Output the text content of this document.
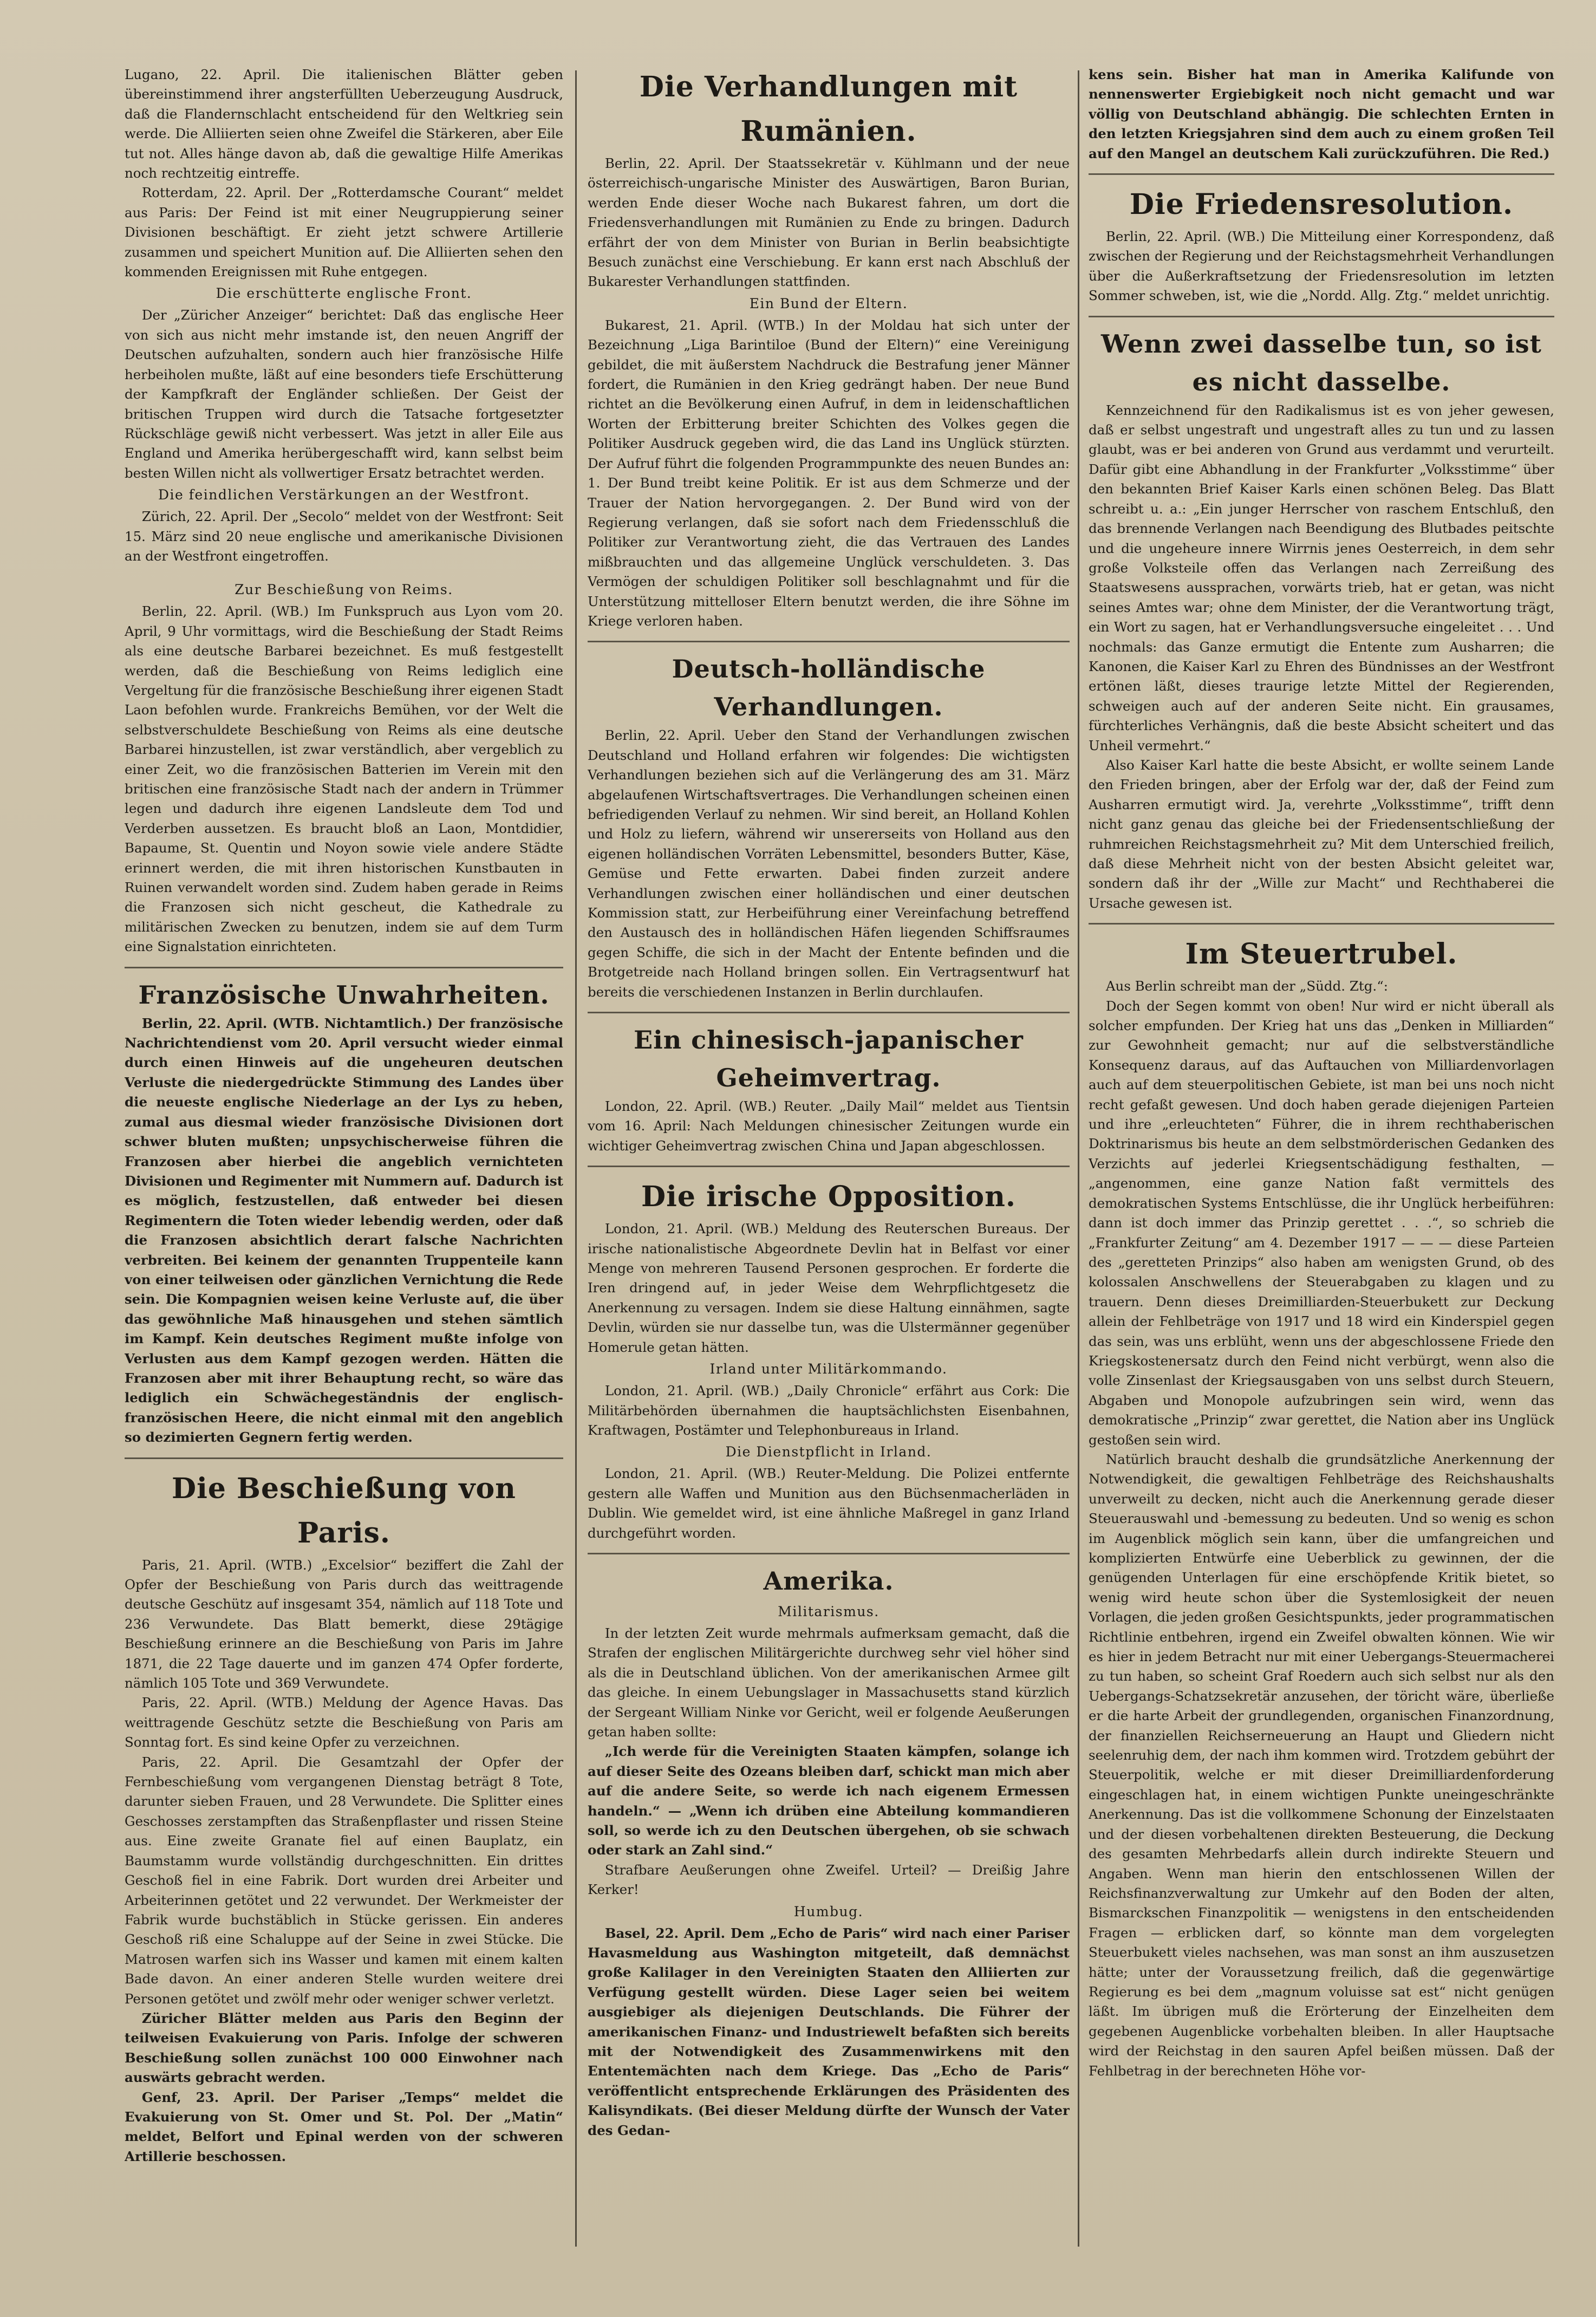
Lugano, 22. April. Die italienischen Blätter geben übereinstimmend ihrer angsterfüllten Ueberzeugung Ausdruck, daß die Flandernschlacht entscheidend für den Weltkrieg sein werde. Die Alliierten seien ohne Zweifel die Stärkeren, aber Eile tut not. Alles hänge davon ab, daß die gewaltige Hilfe Amerikas noch rechtzeitig eintreffe.

Rotterdam, 22. April. Der „Rotterdamsche Courant“ meldet aus Paris: Der Feind ist mit einer Neugruppierung seiner Divisionen beschäftigt. Er zieht jetzt schwere Artillerie zusammen und speichert Munition auf. Die Alliierten sehen den kommenden Ereignissen mit Ruhe entgegen.

Die erschütterte englische Front.

Der „Züricher Anzeiger“ berichtet: Daß das englische Heer von sich aus nicht mehr imstande ist, den neuen Angriff der Deutschen aufzuhalten, sondern auch hier französische Hilfe herbeiholen mußte, läßt auf eine besonders tiefe Erschütterung der Kampfkraft der Engländer schließen. Der Geist der britischen Truppen wird durch die Tatsache fortgesetzter Rückschläge gewiß nicht verbessert. Was jetzt in aller Eile aus England und Amerika herübergeschafft wird, kann selbst beim besten Willen nicht als vollwertiger Ersatz betrachtet werden.

Die feindlichen Verstärkungen an der Westfront.

Zürich, 22. April. Der „Secolo“ meldet von der Westfront: Seit 15. März sind 20 neue englische und amerikanische Divisionen an der Westfront eingetroffen.

Zur Beschießung von Reims.

Berlin, 22. April. (WB.) Im Funkspruch aus Lyon vom 20. April, 9 Uhr vormittags, wird die Beschießung der Stadt Reims als eine deutsche Barbarei bezeichnet. Es muß festgestellt werden, daß die Beschießung von Reims lediglich eine Vergeltung für die französische Beschießung ihrer eigenen Stadt Laon befohlen wurde. Frankreichs Bemühen, vor der Welt die selbstverschuldete Beschießung von Reims als eine deutsche Barbarei hinzustellen, ist zwar verständlich, aber vergeblich zu einer Zeit, wo die französischen Batterien im Verein mit den britischen eine französische Stadt nach der andern in Trümmer legen und dadurch ihre eigenen Landsleute dem Tod und Verderben aussetzen. Es braucht bloß an Laon, Montdidier, Bapaume, St. Quentin und Noyon sowie viele andere Städte erinnert werden, die mit ihren historischen Kunstbauten in Ruinen verwandelt worden sind. Zudem haben gerade in Reims die Franzosen sich nicht gescheut, die Kathedrale zu militärischen Zwecken zu benutzen, indem sie auf dem Turm eine Signalstation einrichteten.

Französische Unwahrheiten.

Berlin, 22. April. (WTB. Nichtamtlich.) Der französische Nachrichtendienst vom 20. April versucht wieder einmal durch einen Hinweis auf die ungeheuren deutschen Verluste die niedergedrückte Stimmung des Landes über die neueste englische Niederlage an der Lys zu heben, zumal aus diesmal wieder französische Divisionen dort schwer bluten mußten; unpsychischerweise führen die Franzosen aber hierbei die angeblich vernichteten Divisionen und Regimenter mit Nummern auf. Dadurch ist es möglich, festzustellen, daß entweder bei diesen Regimentern die Toten wieder lebendig werden, oder daß die Franzosen absichtlich derart falsche Nachrichten verbreiten. Bei keinem der genannten Truppenteile kann von einer teilweisen oder gänzlichen Vernichtung die Rede sein. Die Kompagnien weisen keine Verluste auf, die über das gewöhnliche Maß hinausgehen und stehen sämtlich im Kampf. Kein deutsches Regiment mußte infolge von Verlusten aus dem Kampf gezogen werden. Hätten die Franzosen aber mit ihrer Behauptung recht, so wäre das lediglich ein Schwächegeständnis der englisch-französischen Heere, die nicht einmal mit den angeblich so dezimierten Gegnern fertig werden.

Die Beschießung von Paris.

Paris, 21. April. (WTB.) „Excelsior“ beziffert die Zahl der Opfer der Beschießung von Paris durch das weittragende deutsche Geschütz auf insgesamt 354, nämlich auf 118 Tote und 236 Verwundete. Das Blatt bemerkt, diese 29tägige Beschießung erinnere an die Beschießung von Paris im Jahre 1871, die 22 Tage dauerte und im ganzen 474 Opfer forderte, nämlich 105 Tote und 369 Verwundete.

Paris, 22. April. (WTB.) Meldung der Agence Havas. Das weittragende Geschütz setzte die Beschießung von Paris am Sonntag fort. Es sind keine Opfer zu verzeichnen.

Paris, 22. April. Die Gesamtzahl der Opfer der Fernbeschießung vom vergangenen Dienstag beträgt 8 Tote, darunter sieben Frauen, und 28 Verwundete. Die Splitter eines Geschosses zerstampften das Straßenpflaster und rissen Steine aus. Eine zweite Granate fiel auf einen Bauplatz, ein Baumstamm wurde vollständig durchgeschnitten. Ein drittes Geschoß fiel in eine Fabrik. Dort wurden drei Arbeiter und Arbeiterinnen getötet und 22 verwundet. Der Werkmeister der Fabrik wurde buchstäblich in Stücke gerissen. Ein anderes Geschoß riß eine Schaluppe auf der Seine in zwei Stücke. Die Matrosen warfen sich ins Wasser und kamen mit einem kalten Bade davon. An einer anderen Stelle wurden weitere drei Personen getötet und zwölf mehr oder weniger schwer verletzt.

Züricher Blätter melden aus Paris den Beginn der teilweisen Evakuierung von Paris. Infolge der schweren Beschießung sollen zunächst 100 000 Einwohner nach auswärts gebracht werden.

Genf, 23. April. Der Pariser „Temps“ meldet die Evakuierung von St. Omer und St. Pol. Der „Matin“ meldet, Belfort und Epinal werden von der schweren Artillerie beschossen.

Die Verhandlungen mit Rumänien.

Berlin, 22. April. Der Staatssekretär v. Kühlmann und der neue österreichisch-ungarische Minister des Auswärtigen, Baron Burian, werden Ende dieser Woche nach Bukarest fahren, um dort die Friedensverhandlungen mit Rumänien zu Ende zu bringen. Dadurch erfährt der von dem Minister von Burian in Berlin beabsichtigte Besuch zunächst eine Verschiebung. Er kann erst nach Abschluß der Bukarester Verhandlungen stattfinden.

Ein Bund der Eltern.

Bukarest, 21. April. (WTB.) In der Moldau hat sich unter der Bezeichnung „Liga Barintiloe (Bund der Eltern)“ eine Vereinigung gebildet, die mit äußerstem Nachdruck die Bestrafung jener Männer fordert, die Rumänien in den Krieg gedrängt haben. Der neue Bund richtet an die Bevölkerung einen Aufruf, in dem in leidenschaftlichen Worten der Erbitterung breiter Schichten des Volkes gegen die Politiker Ausdruck gegeben wird, die das Land ins Unglück stürzten. Der Aufruf führt die folgenden Programmpunkte des neuen Bundes an: 1. Der Bund treibt keine Politik. Er ist aus dem Schmerze und der Trauer der Nation hervorgegangen. 2. Der Bund wird von der Regierung verlangen, daß sie sofort nach dem Friedensschluß die Politiker zur Verantwortung zieht, die das Vertrauen des Landes mißbrauchten und das allgemeine Unglück verschuldeten. 3. Das Vermögen der schuldigen Politiker soll beschlagnahmt und für die Unterstützung mittelloser Eltern benutzt werden, die ihre Söhne im Kriege verloren haben.

Deutsch-holländische Verhandlungen.

Berlin, 22. April. Ueber den Stand der Verhandlungen zwischen Deutschland und Holland erfahren wir folgendes: Die wichtigsten Verhandlungen beziehen sich auf die Verlängerung des am 31. März abgelaufenen Wirtschaftsvertrages. Die Verhandlungen scheinen einen befriedigenden Verlauf zu nehmen. Wir sind bereit, an Holland Kohlen und Holz zu liefern, während wir unsererseits von Holland aus den eigenen holländischen Vorräten Lebensmittel, besonders Butter, Käse, Gemüse und Fette erwarten. Dabei finden zurzeit andere Verhandlungen zwischen einer holländischen und einer deutschen Kommission statt, zur Herbeiführung einer Vereinfachung betreffend den Austausch des in holländischen Häfen liegenden Schiffsraumes gegen Schiffe, die sich in der Macht der Entente befinden und die Brotgetreide nach Holland bringen sollen. Ein Vertragsentwurf hat bereits die verschiedenen Instanzen in Berlin durchlaufen.

Ein chinesisch-japanischer Geheimvertrag.

London, 22. April. (WB.) Reuter. „Daily Mail“ meldet aus Tientsin vom 16. April: Nach Meldungen chinesischer Zeitungen wurde ein wichtiger Geheimvertrag zwischen China und Japan abgeschlossen.

Die irische Opposition.

London, 21. April. (WB.) Meldung des Reuterschen Bureaus. Der irische nationalistische Abgeordnete Devlin hat in Belfast vor einer Menge von mehreren Tausend Personen gesprochen. Er forderte die Iren dringend auf, in jeder Weise dem Wehrpflichtgesetz die Anerkennung zu versagen. Indem sie diese Haltung einnähmen, sagte Devlin, würden sie nur dasselbe tun, was die Ulstermänner gegenüber Homerule getan hätten.

Irland unter Militärkommando.

London, 21. April. (WB.) „Daily Chronicle“ erfährt aus Cork: Die Militärbehörden übernahmen die hauptsächlichsten Eisenbahnen, Kraftwagen, Postämter und Telephonbureaus in Irland.

Die Dienstpflicht in Irland.

London, 21. April. (WB.) Reuter-Meldung. Die Polizei entfernte gestern alle Waffen und Munition aus den Büchsenmacherläden in Dublin. Wie gemeldet wird, ist eine ähnliche Maßregel in ganz Irland durchgeführt worden.

Amerika.
Militarismus.

In der letzten Zeit wurde mehrmals aufmerksam gemacht, daß die Strafen der englischen Militärgerichte durchweg sehr viel höher sind als die in Deutschland üblichen. Von der amerikanischen Armee gilt das gleiche. In einem Uebungslager in Massachusetts stand kürzlich der Sergeant William Ninke vor Gericht, weil er folgende Aeußerungen getan haben sollte:

„Ich werde für die Vereinigten Staaten kämpfen, solange ich auf dieser Seite des Ozeans bleiben darf, schickt man mich aber auf die andere Seite, so werde ich nach eigenem Ermessen handeln.“ — „Wenn ich drüben eine Abteilung kommandieren soll, so werde ich zu den Deutschen übergehen, ob sie schwach oder stark an Zahl sind.“

Strafbare Aeußerungen ohne Zweifel. Urteil? — Dreißig Jahre Kerker!

Humbug.

Basel, 22. April. Dem „Echo de Paris“ wird nach einer Pariser Havasmeldung aus Washington mitgeteilt, daß demnächst große Kalilager in den Vereinigten Staaten den Alliierten zur Verfügung gestellt würden. Diese Lager seien bei weitem ausgiebiger als diejenigen Deutschlands. Die Führer der amerikanischen Finanz- und Industriewelt befaßten sich bereits mit der Notwendigkeit des Zusammenwirkens mit den Ententemächten nach dem Kriege. Das „Echo de Paris“ veröffentlicht entsprechende Erklärungen des Präsidenten des Kalisyndikats. (Bei dieser Meldung dürfte der Wunsch der Vater des Gedan-

kens sein. Bisher hat man in Amerika Kalifunde von nennenswerter Ergiebigkeit noch nicht gemacht und war völlig von Deutschland abhängig. Die schlechten Ernten in den letzten Kriegsjahren sind dem auch zu einem großen Teil auf den Mangel an deutschem Kali zurückzuführen. Die Red.)

Die Friedensresolution.

Berlin, 22. April. (WB.) Die Mitteilung einer Korrespondenz, daß zwischen der Regierung und der Reichstagsmehrheit Verhandlungen über die Außerkraftsetzung der Friedensresolution im letzten Sommer schweben, ist, wie die „Nordd. Allg. Ztg.“ meldet unrichtig.

Wenn zwei dasselbe tun, so ist es nicht dasselbe.

Kennzeichnend für den Radikalismus ist es von jeher gewesen, daß er selbst ungestraft und ungestraft alles zu tun und zu lassen glaubt, was er bei anderen von Grund aus verdammt und verurteilt. Dafür gibt eine Abhandlung in der Frankfurter „Volksstimme“ über den bekannten Brief Kaiser Karls einen schönen Beleg. Das Blatt schreibt u. a.: „Ein junger Herrscher von raschem Entschluß, den das brennende Verlangen nach Beendigung des Blutbades peitschte und die ungeheure innere Wirrnis jenes Oesterreich, in dem sehr große Volksteile offen das Verlangen nach Zerreißung des Staatswesens aussprachen, vorwärts trieb, hat er getan, was nicht seines Amtes war; ohne dem Minister, der die Verantwortung trägt, ein Wort zu sagen, hat er Verhandlungsversuche eingeleitet . . . Und nochmals: das Ganze ermutigt die Entente zum Ausharren; die Kanonen, die Kaiser Karl zu Ehren des Bündnisses an der Westfront ertönen läßt, dieses traurige letzte Mittel der Regierenden, schweigen auch auf der anderen Seite nicht. Ein grausames, fürchterliches Verhängnis, daß die beste Absicht scheitert und das Unheil vermehrt.“

Also Kaiser Karl hatte die beste Absicht, er wollte seinem Lande den Frieden bringen, aber der Erfolg war der, daß der Feind zum Ausharren ermutigt wird. Ja, verehrte „Volksstimme“, trifft denn nicht ganz genau das gleiche bei der Friedensentschließung der ruhmreichen Reichstagsmehrheit zu? Mit dem Unterschied freilich, daß diese Mehrheit nicht von der besten Absicht geleitet war, sondern daß ihr der „Wille zur Macht“ und Rechthaberei die Ursache gewesen ist.

Im Steuertrubel.

Aus Berlin schreibt man der „Südd. Ztg.“:

Doch der Segen kommt von oben! Nur wird er nicht überall als solcher empfunden. Der Krieg hat uns das „Denken in Milliarden“ zur Gewohnheit gemacht; nur auf die selbstverständliche Konsequenz daraus, auf das Auftauchen von Milliardenvorlagen auch auf dem steuerpolitischen Gebiete, ist man bei uns noch nicht recht gefaßt gewesen. Und doch haben gerade diejenigen Parteien und ihre „erleuchteten“ Führer, die in ihrem rechthaberischen Doktrinarismus bis heute an dem selbstmörderischen Gedanken des Verzichts auf jederlei Kriegsentschädigung festhalten, — „angenommen, eine ganze Nation faßt vermittels des demokratischen Systems Entschlüsse, die ihr Unglück herbeiführen: dann ist doch immer das Prinzip gerettet . . .“, so schrieb die „Frankfurter Zeitung“ am 4. Dezember 1917 — — — diese Parteien des „geretteten Prinzips“ also haben am wenigsten Grund, ob des kolossalen Anschwellens der Steuerabgaben zu klagen und zu trauern. Denn dieses Dreimilliarden-Steuerbukett zur Deckung allein der Fehlbeträge von 1917 und 18 wird ein Kinderspiel gegen das sein, was uns erblüht, wenn uns der abgeschlossene Friede den Kriegskostenersatz durch den Feind nicht verbürgt, wenn also die volle Zinsenlast der Kriegsausgaben von uns selbst durch Steuern, Abgaben und Monopole aufzubringen sein wird, wenn das demokratische „Prinzip“ zwar gerettet, die Nation aber ins Unglück gestoßen sein wird.

Natürlich braucht deshalb die grundsätzliche Anerkennung der Notwendigkeit, die gewaltigen Fehlbeträge des Reichshaushalts unverweilt zu decken, nicht auch die Anerkennung gerade dieser Steuerauswahl und -bemessung zu bedeuten. Und so wenig es schon im Augenblick möglich sein kann, über die umfangreichen und komplizierten Entwürfe eine Ueberblick zu gewinnen, der die genügenden Unterlagen für eine erschöpfende Kritik bietet, so wenig wird heute schon über die Systemlosigkeit der neuen Vorlagen, die jeden großen Gesichtspunkts, jeder programmatischen Richtlinie entbehren, irgend ein Zweifel obwalten können. Wie wir es hier in jedem Betracht nur mit einer Uebergangs-Steuermacherei zu tun haben, so scheint Graf Roedern auch sich selbst nur als den Uebergangs-Schatzsekretär anzusehen, der töricht wäre, überließe er die harte Arbeit der grundlegenden, organischen Finanzordnung, der finanziellen Reichserneuerung an Haupt und Gliedern nicht seelenruhig dem, der nach ihm kommen wird. Trotzdem gebührt der Steuerpolitik, welche er mit dieser Dreimilliardenforderung eingeschlagen hat, in einem wichtigen Punkte uneingeschränkte Anerkennung. Das ist die vollkommene Schonung der Einzelstaaten und der diesen vorbehaltenen direkten Besteuerung, die Deckung des gesamten Mehrbedarfs allein durch indirekte Steuern und Angaben. Wenn man hierin den entschlossenen Willen der Reichsfinanzverwaltung zur Umkehr auf den Boden der alten, Bismarckschen Finanzpolitik — wenigstens in den entscheidenden Fragen — erblicken darf, so könnte man dem vorgelegten Steuerbukett vieles nachsehen, was man sonst an ihm auszusetzen hätte; unter der Voraussetzung freilich, daß die gegenwärtige Regierung es bei dem „magnum voluisse sat est“ nicht genügen läßt. Im übrigen muß die Erörterung der Einzelheiten dem gegebenen Augenblicke vorbehalten bleiben. In aller Hauptsache wird der Reichstag in den sauren Apfel beißen müssen. Daß der Fehlbetrag in der berechneten Höhe vor-
